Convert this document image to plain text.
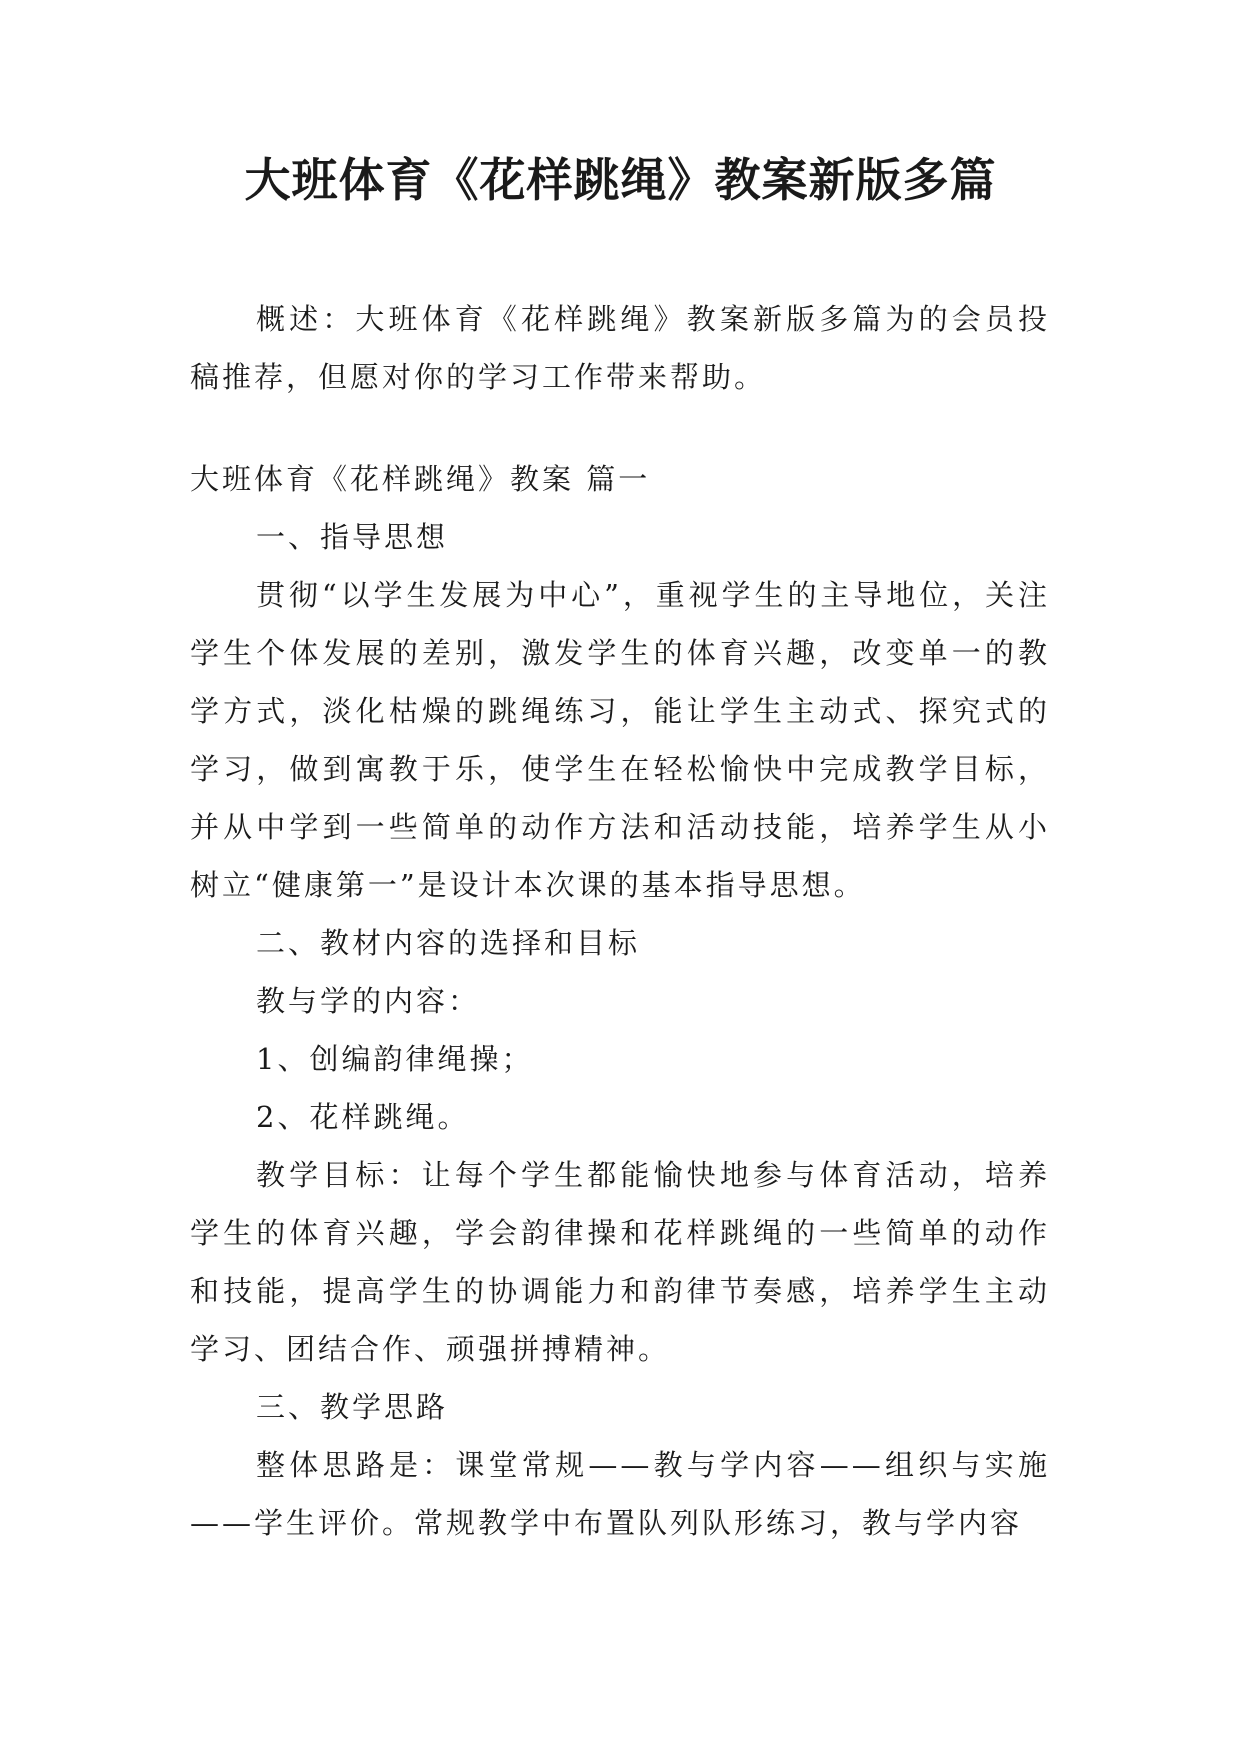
大班体育《花样跳绳》教案新版多篇

概述：大班体育《花样跳绳》教案新版多篇为的会员投稿推荐，但愿对你的学习工作带来帮助。

大班体育《花样跳绳》教案 篇一

一、指导思想

贯彻“以学生发展为中心”，重视学生的主导地位，关注学生个体发展的差别，激发学生的体育兴趣，改变单一的教学方式，淡化枯燥的跳绳练习，能让学生主动式、探究式的学习，做到寓教于乐，使学生在轻松愉快中完成教学目标，并从中学到一些简单的动作方法和活动技能，培养学生从小树立“健康第一”是设计本次课的基本指导思想。

二、教材内容的选择和目标

教与学的内容：

1、创编韵律绳操；

2、花样跳绳。

教学目标：让每个学生都能愉快地参与体育活动，培养学生的体育兴趣，学会韵律操和花样跳绳的一些简单的动作和技能，提高学生的协调能力和韵律节奏感，培养学生主动学习、团结合作、顽强拼搏精神。

三、教学思路

整体思路是：课堂常规——教与学内容——组织与实施——学生评价。常规教学中布置队列队形练习，教与学内容
